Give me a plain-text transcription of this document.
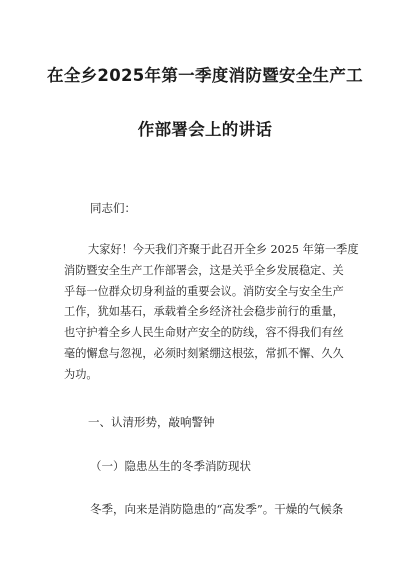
在全乡2025年第一季度消防暨安全生产工
作部署会上的讲话
同志们：
大家好！今天我们齐聚于此召开全乡 2025 年第一季度
消防暨安全生产工作部署会，这是关乎全乡发展稳定、关
乎每一位群众切身利益的重要会议。消防安全与安全生产
工作，犹如基石，承载着全乡经济社会稳步前行的重量，
也守护着全乡人民生命财产安全的防线，容不得我们有丝
毫的懈怠与忽视，必须时刻紧绷这根弦，常抓不懈、久久
为功。
一、认清形势，敲响警钟
（一）隐患丛生的冬季消防现状
冬季，向来是消防隐患的“高发季”。干燥的气候条
